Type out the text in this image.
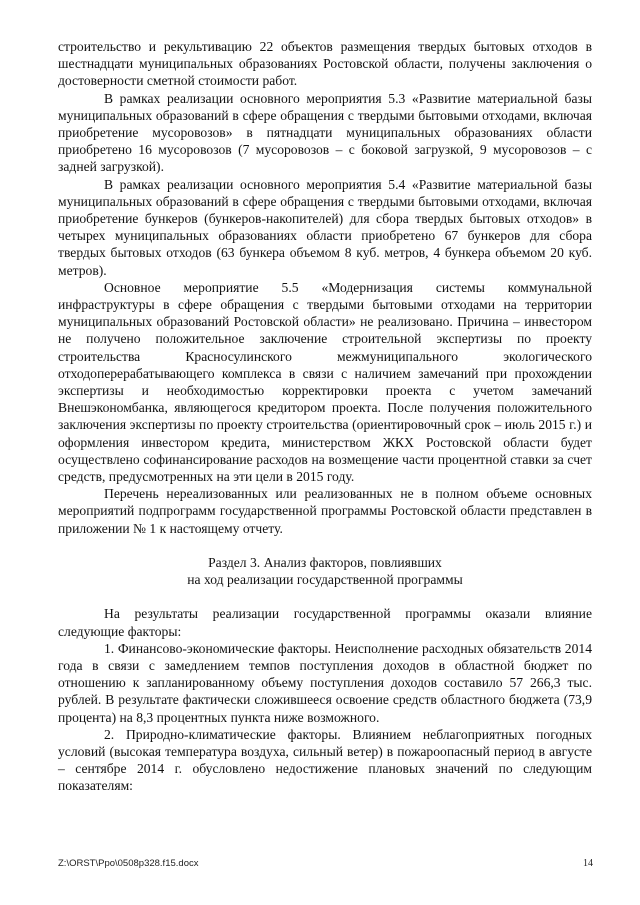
строительство и рекультивацию 22 объектов размещения твердых бытовых отходов в шестнадцати муниципальных образованиях Ростовской области, получены заключения о достоверности сметной стоимости работ.

В рамках реализации основного мероприятия 5.3 «Развитие материальной базы муниципальных образований в сфере обращения с твердыми бытовыми отходами, включая приобретение мусоровозов» в пятнадцати муниципальных образованиях области приобретено 16 мусоровозов (7 мусоровозов – с боковой загрузкой, 9 мусоровозов – с задней загрузкой).

В рамках реализации основного мероприятия 5.4 «Развитие материальной базы муниципальных образований в сфере обращения с твердыми бытовыми отходами, включая приобретение бункеров (бункеров-накопителей) для сбора твердых бытовых отходов» в четырех муниципальных образованиях области приобретено 67 бункеров для сбора твердых бытовых отходов (63 бункера объемом 8 куб. метров, 4 бункера объемом 20 куб. метров).

Основное мероприятие 5.5 «Модернизация системы коммунальной инфраструктуры в сфере обращения с твердыми бытовыми отходами на территории муниципальных образований Ростовской области» не реализовано. Причина – инвестором не получено положительное заключение строительной экспертизы по проекту строительства Красносулинского межмуниципального экологического отходоперерабатывающего комплекса в связи с наличием замечаний при прохождении экспертизы и необходимостью корректировки проекта с учетом замечаний Внешэкономбанка, являющегося кредитором проекта. После получения положительного заключения экспертизы по проекту строительства (ориентировочный срок – июль 2015 г.) и оформления инвестором кредита, министерством ЖКХ Ростовской области будет осуществлено софинансирование расходов на возмещение части процентной ставки за счет средств, предусмотренных на эти цели в 2015 году.

Перечень нереализованных или реализованных не в полном объеме основных мероприятий подпрограмм государственной программы Ростовской области представлен в приложении № 1 к настоящему отчету.

Раздел 3. Анализ факторов, повлиявших
на ход реализации государственной программы

На результаты реализации государственной программы оказали влияние следующие факторы:

1. Финансово-экономические факторы. Неисполнение расходных обязательств 2014 года в связи с замедлением темпов поступления доходов в областной бюджет по отношению к запланированному объему поступления доходов составило 57 266,3 тыс. рублей. В результате фактически сложившееся освоение средств областного бюджета (73,9 процента) на 8,3 процентных пункта ниже возможного.

2. Природно-климатические факторы. Влиянием неблагоприятных погодных условий (высокая температура воздуха, сильный ветер) в пожароопасный период в августе – сентябре 2014 г. обусловлено недостижение плановых значений по следующим показателям:

Z:\ORST\Ppo\0508p328.f15.docx	14
